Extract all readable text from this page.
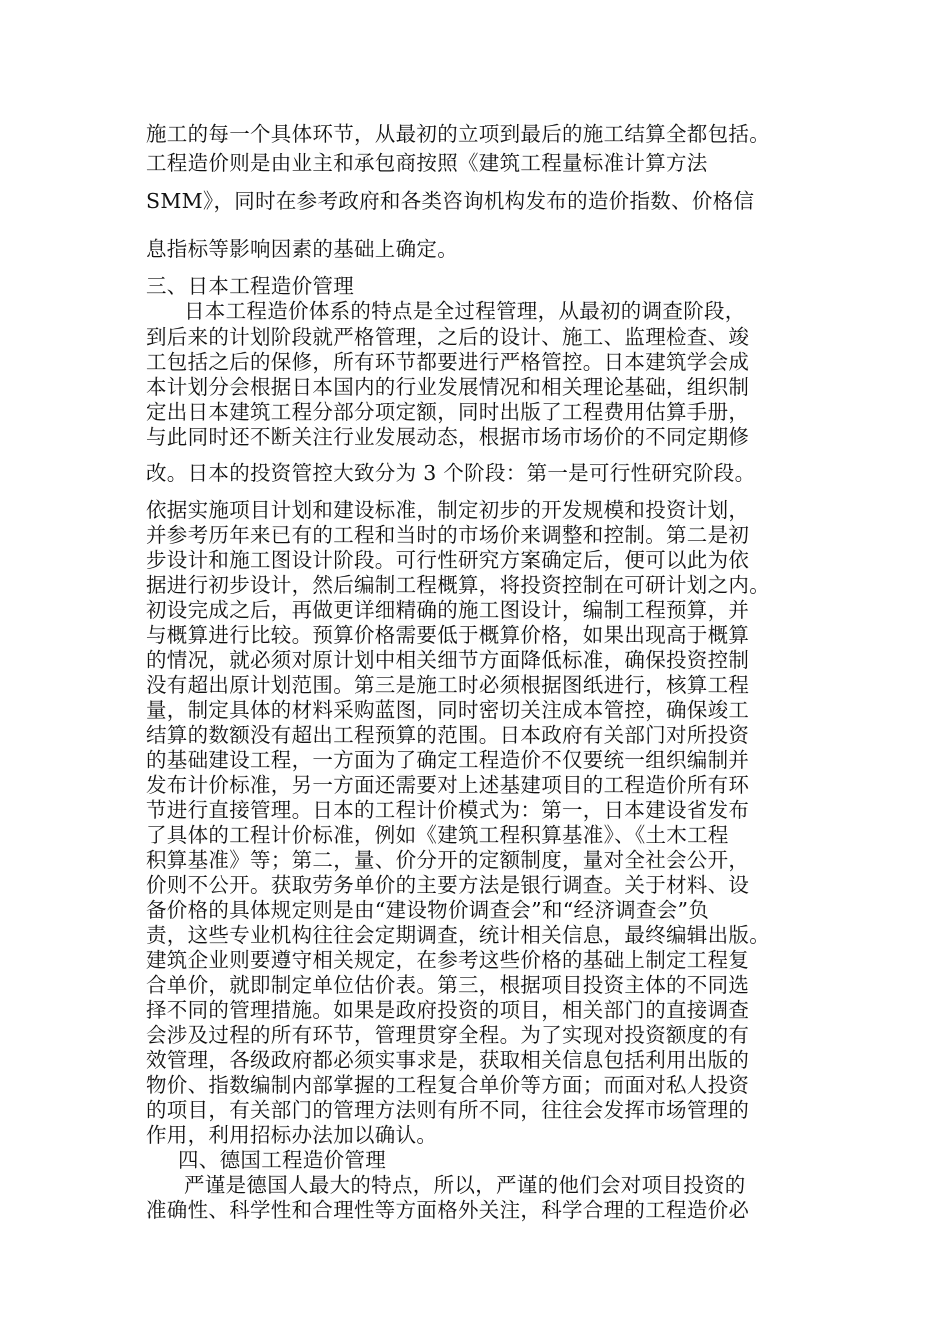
施工的每一个具体环节，从最初的立项到最后的施工结算全都包括。

工程造价则是由业主和承包商按照《建筑工程量标准计算方法

SMM》，同时在参考政府和各类咨询机构发布的造价指数、价格信

息指标等影响因素的基础上确定。

三、日本工程造价管理

日本工程造价体系的特点是全过程管理，从最初的调查阶段，

到后来的计划阶段就严格管理，之后的设计、施工、监理检查、竣

工包括之后的保修，所有环节都要进行严格管控。日本建筑学会成

本计划分会根据日本国内的行业发展情况和相关理论基础，组织制

定出日本建筑工程分部分项定额，同时出版了工程费用估算手册，

与此同时还不断关注行业发展动态，根据市场市场价的不同定期修

改。日本的投资管控大致分为 3 个阶段：第一是可行性研究阶段。

依据实施项目计划和建设标准，制定初步的开发规模和投资计划，

并参考历年来已有的工程和当时的市场价来调整和控制。第二是初

步设计和施工图设计阶段。可行性研究方案确定后，便可以此为依

据进行初步设计，然后编制工程概算，将投资控制在可研计划之内。

初设完成之后，再做更详细精确的施工图设计，编制工程预算，并

与概算进行比较。预算价格需要低于概算价格，如果出现高于概算

的情况，就必须对原计划中相关细节方面降低标准，确保投资控制

没有超出原计划范围。第三是施工时必须根据图纸进行，核算工程

量，制定具体的材料采购蓝图，同时密切关注成本管控，确保竣工

结算的数额没有超出工程预算的范围。日本政府有关部门对所投资

的基础建设工程，一方面为了确定工程造价不仅要统一组织编制并

发布计价标准，另一方面还需要对上述基建项目的工程造价所有环

节进行直接管理。日本的工程计价模式为：第一，日本建设省发布

了具体的工程计价标准，例如《建筑工程积算基准》、《土木工程

积算基准》等；第二，量、价分开的定额制度，量对全社会公开，

价则不公开。获取劳务单价的主要方法是银行调查。关于材料、设

备价格的具体规定则是由“建设物价调查会”和“经济调查会”负

责，这些专业机构往往会定期调查，统计相关信息，最终编辑出版。

建筑企业则要遵守相关规定，在参考这些价格的基础上制定工程复

合单价，就即制定单位估价表。第三，根据项目投资主体的不同选

择不同的管理措施。如果是政府投资的项目，相关部门的直接调查

会涉及过程的所有环节，管理贯穿全程。为了实现对投资额度的有

效管理，各级政府都必须实事求是，获取相关信息包括利用出版的

物价、指数编制内部掌握的工程复合单价等方面；而面对私人投资

的项目，有关部门的管理方法则有所不同，往往会发挥市场管理的

作用，利用招标办法加以确认。

四、德国工程造价管理

严谨是德国人最大的特点，所以，严谨的他们会对项目投资的

准确性、科学性和合理性等方面格外关注，科学合理的工程造价必
